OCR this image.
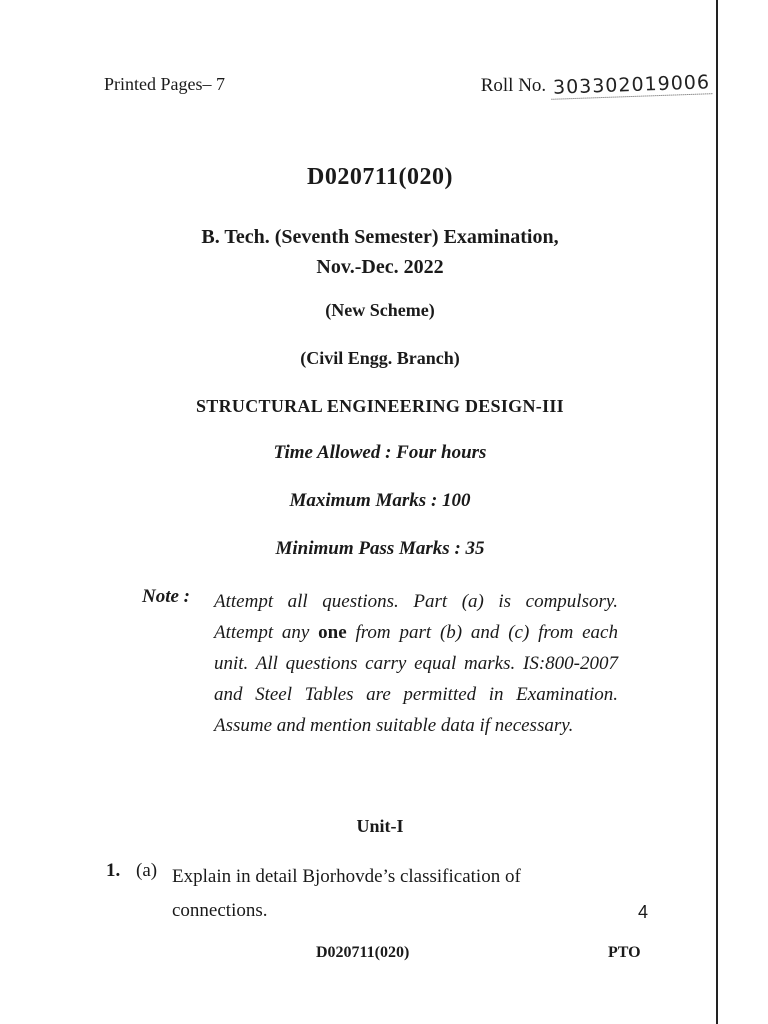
Printed Pages– 7	Roll No. 303302019006
D020711(020)
B. Tech. (Seventh Semester) Examination,
Nov.-Dec. 2022
(New Scheme)
(Civil Engg. Branch)
STRUCTURAL ENGINEERING DESIGN-III
Time Allowed : Four hours
Maximum Marks : 100
Minimum Pass Marks : 35
Note : Attempt all questions. Part (a) is compulsory. Attempt any one from part (b) and (c) from each unit. All questions carry equal marks. IS:800-2007 and Steel Tables are permitted in Examination. Assume and mention suitable data if necessary.
Unit-I
1. (a) Explain in detail Bjorhovde’s classification of connections.	4
D020711(020)	PTO
